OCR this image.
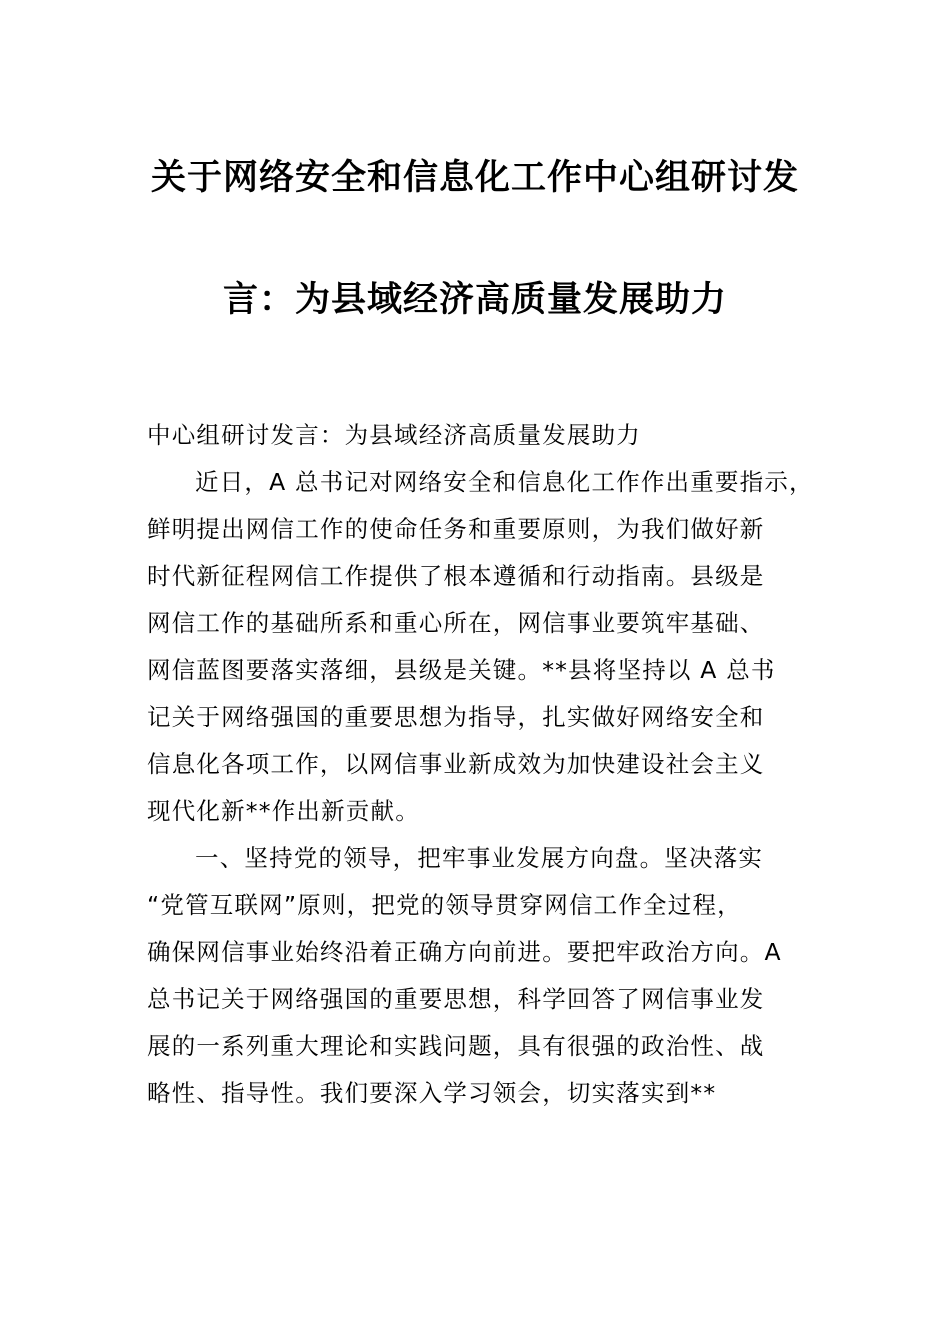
关于网络安全和信息化工作中心组研讨发
言：为县域经济高质量发展助力
中心组研讨发言：为县域经济高质量发展助力
近日，A 总书记对网络安全和信息化工作作出重要指示，
鲜明提出网信工作的使命任务和重要原则，为我们做好新
时代新征程网信工作提供了根本遵循和行动指南。县级是
网信工作的基础所系和重心所在，网信事业要筑牢基础、
网信蓝图要落实落细，县级是关键。**县将坚持以 A 总书
记关于网络强国的重要思想为指导，扎实做好网络安全和
信息化各项工作，以网信事业新成效为加快建设社会主义
现代化新**作出新贡献。
一、坚持党的领导，把牢事业发展方向盘。坚决落实
“党管互联网”原则，把党的领导贯穿网信工作全过程，
确保网信事业始终沿着正确方向前进。要把牢政治方向。A
总书记关于网络强国的重要思想，科学回答了网信事业发
展的一系列重大理论和实践问题，具有很强的政治性、战
略性、指导性。我们要深入学习领会，切实落实到**
